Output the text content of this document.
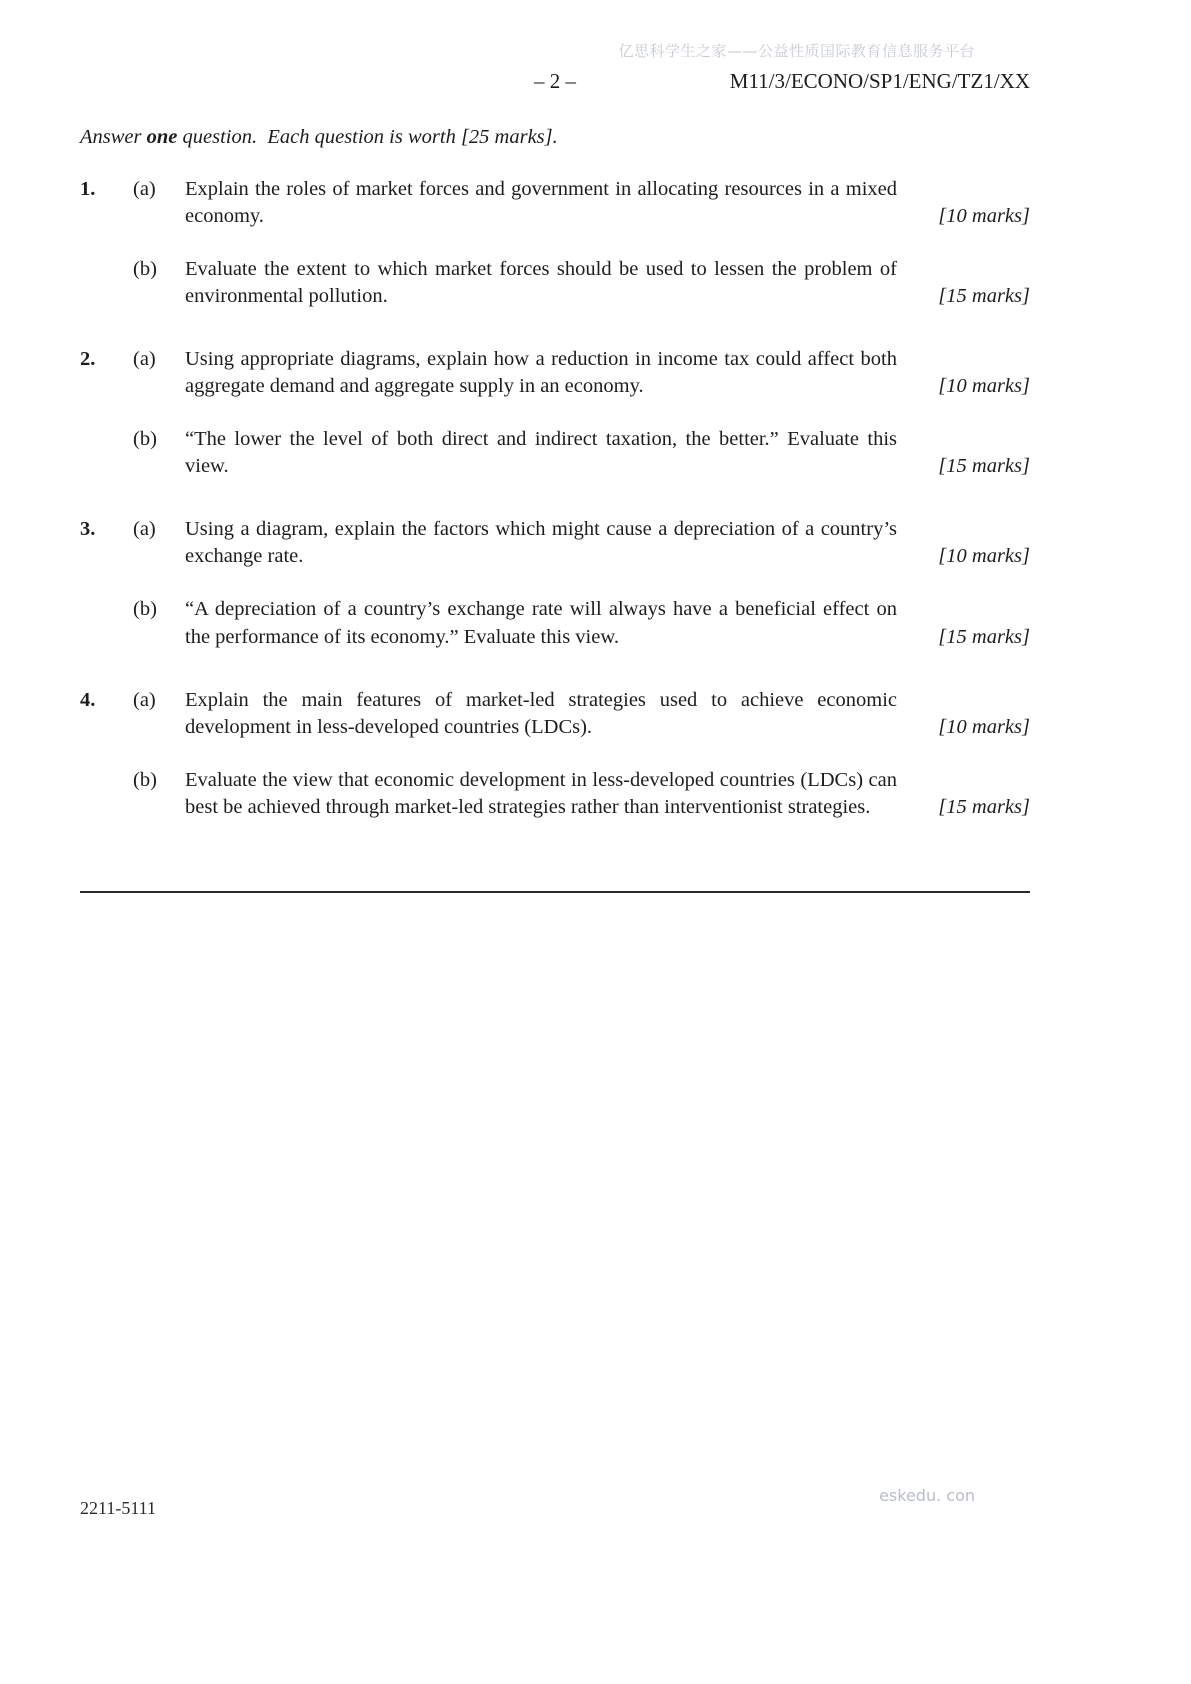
亿思科学生之家——公益性质国际教育信息服务平台
– 2 –	M11/3/ECONO/SP1/ENG/TZ1/XX
Answer one question.  Each question is worth [25 marks].
1.	(a)	Explain the roles of market forces and government in allocating resources in a mixed economy.	[10 marks]
(b)	Evaluate the extent to which market forces should be used to lessen the problem of environmental pollution.	[15 marks]
2.	(a)	Using appropriate diagrams, explain how a reduction in income tax could affect both aggregate demand and aggregate supply in an economy.	[10 marks]
(b)	“The lower the level of both direct and indirect taxation, the better.” Evaluate this view.	[15 marks]
3.	(a)	Using a diagram, explain the factors which might cause a depreciation of a country’s exchange rate.	[10 marks]
(b)	“A depreciation of a country’s exchange rate will always have a beneficial effect on the performance of its economy.” Evaluate this view.	[15 marks]
4.	(a)	Explain the main features of market-led strategies used to achieve economic development in less-developed countries (LDCs).	[10 marks]
(b)	Evaluate the view that economic development in less-developed countries (LDCs) can best be achieved through market-led strategies rather than interventionist strategies.	[15 marks]
2211-5111
eskedu. con
